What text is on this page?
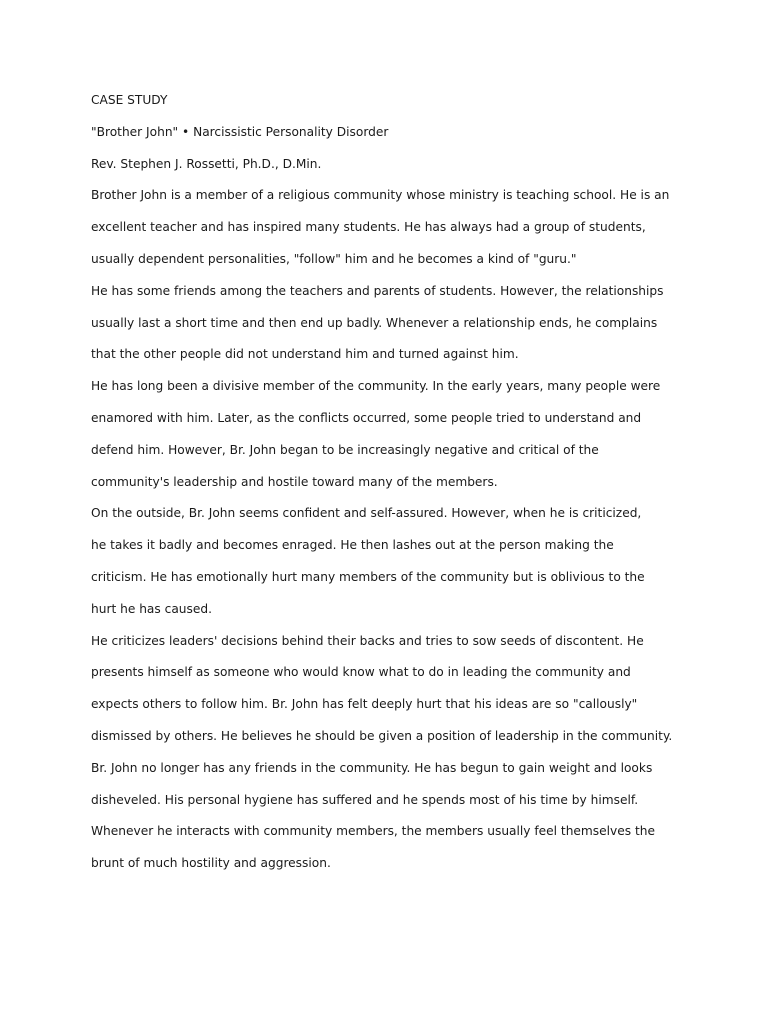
CASE STUDY
"Brother John" • Narcissistic Personality Disorder
Rev. Stephen J. Rossetti, Ph.D., D.Min.
Brother John is a member of a religious community whose ministry is teaching school. He is an
excellent teacher and has inspired many students. He has always had a group of students,
usually dependent personalities, "follow" him and he becomes a kind of "guru."
He has some friends among the teachers and parents of students. However, the relationships
usually last a short time and then end up badly. Whenever a relationship ends, he complains
that the other people did not understand him and turned against him.
He has long been a divisive member of the community. In the early years, many people were
enamored with him. Later, as the conflicts occurred, some people tried to understand and
defend him. However, Br. John began to be increasingly negative and critical of the
community's leadership and hostile toward many of the members.
On the outside, Br. John seems confident and self-assured. However, when he is criticized,
he takes it badly and becomes enraged. He then lashes out at the person making the
criticism. He has emotionally hurt many members of the community but is oblivious to the
hurt he has caused.
He criticizes leaders' decisions behind their backs and tries to sow seeds of discontent. He
presents himself as someone who would know what to do in leading the community and
expects others to follow him. Br. John has felt deeply hurt that his ideas are so "callously"
dismissed by others. He believes he should be given a position of leadership in the community.
Br. John no longer has any friends in the community. He has begun to gain weight and looks
disheveled. His personal hygiene has suffered and he spends most of his time by himself.
Whenever he interacts with community members, the members usually feel themselves the
brunt of much hostility and aggression.
